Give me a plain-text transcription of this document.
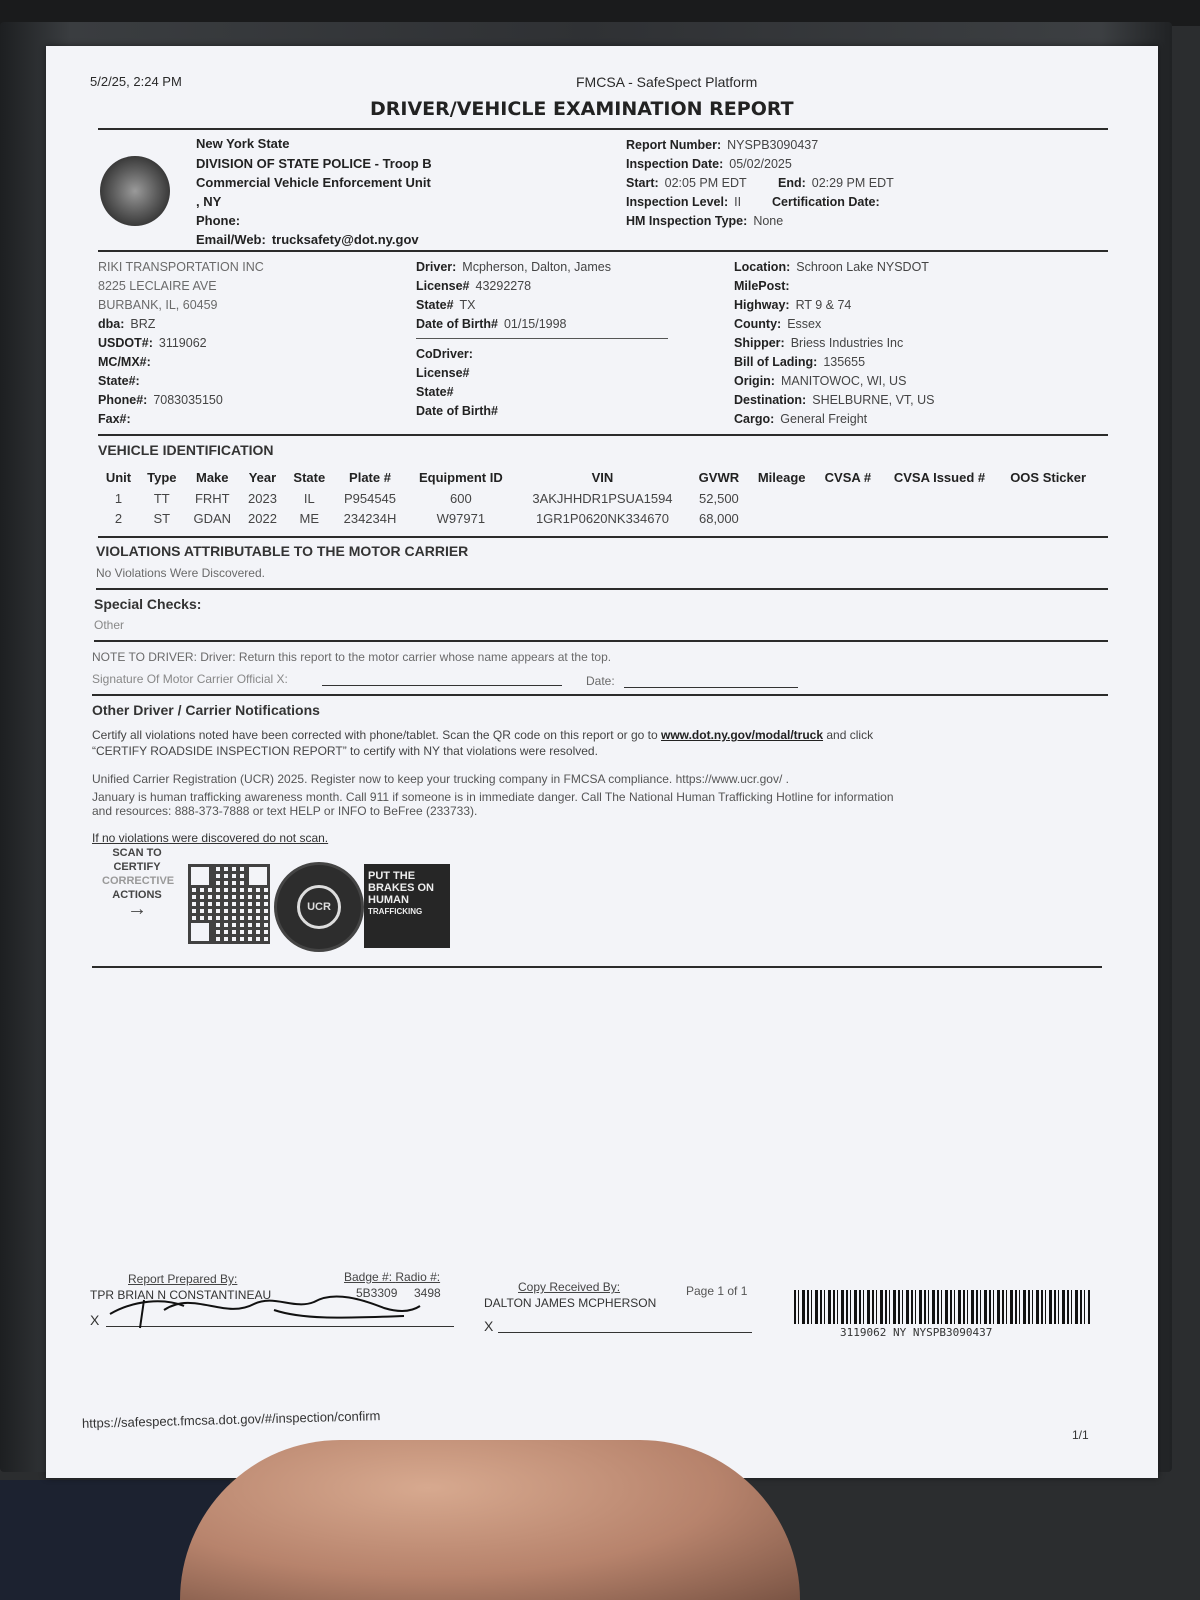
5/2/25, 2:24 PM	FMCSA - SafeSpect Platform
DRIVER/VEHICLE EXAMINATION REPORT
New York State
DIVISION OF STATE POLICE - Troop B
Commercial Vehicle Enforcement Unit
, NY
Phone:
Email/Web: trucksafety@dot.ny.gov
Report Number: NYSPB3090437
Inspection Date: 05/02/2025
Start: 02:05 PM EDT	End: 02:29 PM EDT
Inspection Level: II Certification Date:
HM Inspection Type: None
RIKI TRANSPORTATION INC
8225 LECLAIRE AVE
BURBANK, IL, 60459
dba: BRZ
USDOT#: 3119062
MC/MX#:
State#:
Phone#: 7083035150
Fax#:
Driver: Mcpherson, Dalton, James
License# 43292278
State# TX
Date of Birth# 01/15/1998
CoDriver:
License#
State#
Date of Birth#
Location: Schroon Lake NYSDOT
MilePost:
Highway: RT 9 & 74
County: Essex
Shipper: Briess Industries Inc
Bill of Lading: 135655
Origin: MANITOWOC, WI, US
Destination: SHELBURNE, VT, US
Cargo: General Freight
VEHICLE IDENTIFICATION
Unit	Type	Make	Year	State	Plate #	Equipment ID	VIN	GVWR	Mileage	CVSA #	CVSA Issued #	OOS Sticker
1	TT	FRHT	2023	IL	P954545	600	3AKJHHDR1PSUA1594	52,500				
2	ST	GDAN	2022	ME	234234H	W97971	1GR1P0620NK334670	68,000				
VIOLATIONS ATTRIBUTABLE TO THE MOTOR CARRIER
No Violations Were Discovered.
Special Checks:
Other
NOTE TO DRIVER: Driver: Return this report to the motor carrier whose name appears at the top.
Signature Of Motor Carrier Official X:	Date:
Other Driver / Carrier Notifications
Certify all violations noted have been corrected with phone/tablet. Scan the QR code on this report or go to www.dot.ny.gov/modal/truck and click
“CERTIFY ROADSIDE INSPECTION REPORT” to certify with NY that violations were resolved.
Unified Carrier Registration (UCR) 2025. Register now to keep your trucking company in FMCSA compliance. https://www.ucr.gov/ .
January is human trafficking awareness month. Call 911 if someone is in immediate danger. Call The National Human Trafficking Hotline for information
and resources: 888-373-7888 or text HELP or INFO to BeFree (233733).
If no violations were discovered do not scan.
SCAN TO
CERTIFY
CORRECTIVE
ACTIONS
→	UCR
PUT THE
BRAKES ON
HUMAN
TRAFFICKING
Report Prepared By:
TPR BRIAN N CONSTANTINEAU
Badge #: Radio #:
5B3309 3498
X
Copy Received By:
DALTON JAMES MCPHERSON
Page 1 of 1
X	3119062 NY NYSPB3090437
https://safespect.fmcsa.dot.gov/#/inspection/confirm
1/1
